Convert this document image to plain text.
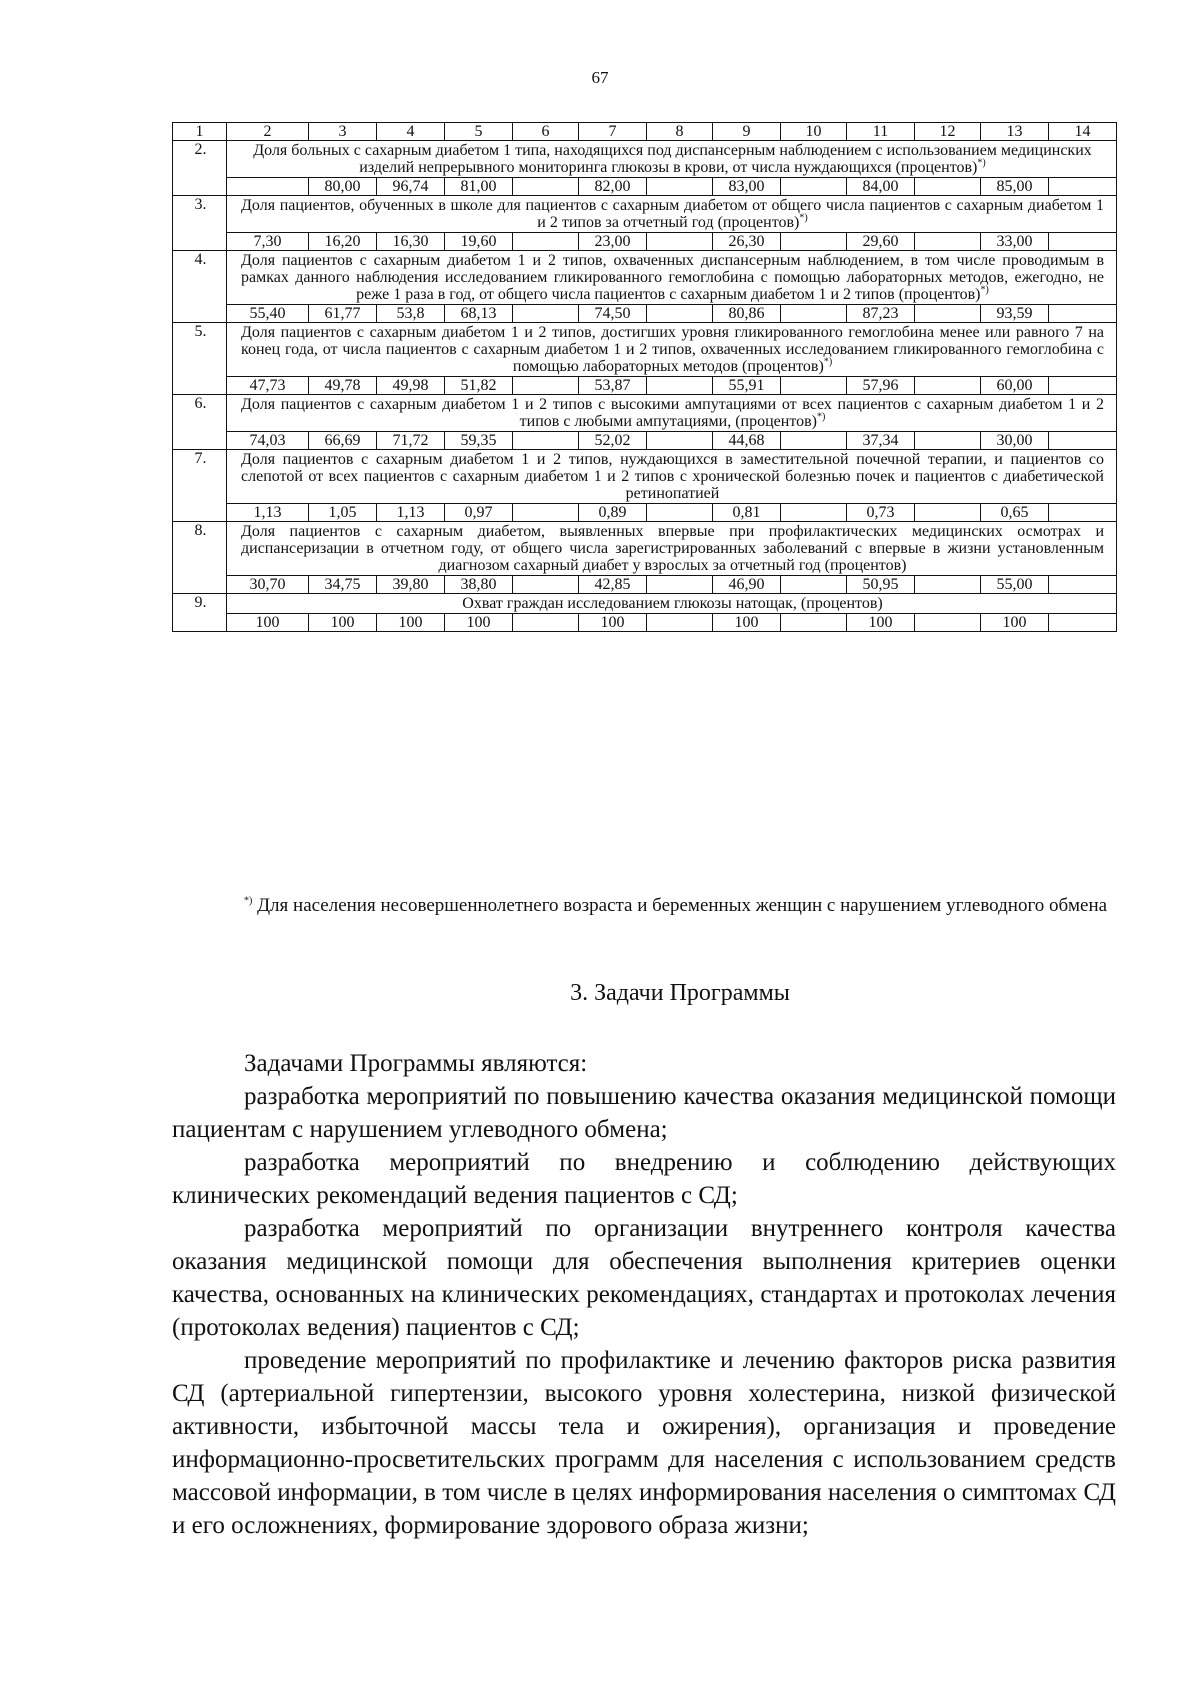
67
1	2	3	4	5	6	7	8	9	10	11	12	13	14
2.	Доля больных с сахарным диабетом 1 типа, находящихся под диспансерным наблюдением с использованием медицинских изделий непрерывного мониторинга глюкозы в крови, от числа нуждающихся (процентов)*)
		80,00	96,74	81,00		82,00		83,00		84,00		85,00	
3.	Доля пациентов, обученных в школе для пациентов с сахарным диабетом от общего числа пациентов с сахарным диабетом 1 и 2 типов за отчетный год (процентов)*)
	7,30	16,20	16,30	19,60		23,00		26,30		29,60		33,00	
4.	Доля пациентов с сахарным диабетом 1 и 2 типов, охваченных диспансерным наблюдением, в том числе проводимым в рамках данного наблюдения исследованием гликированного гемоглобина с помощью лабораторных методов, ежегодно, не реже 1 раза в год, от общего числа пациентов с сахарным диабетом 1 и 2 типов (процентов)*)
	55,40	61,77	53,8	68,13		74,50		80,86		87,23		93,59	
5.	Доля пациентов с сахарным диабетом 1 и 2 типов, достигших уровня гликированного гемоглобина менее или равного 7 на конец года, от числа пациентов с сахарным диабетом 1 и 2 типов, охваченных исследованием гликированного гемоглобина с помощью лабораторных методов (процентов)*)
	47,73	49,78	49,98	51,82		53,87		55,91		57,96		60,00	
6.	Доля пациентов с сахарным диабетом 1 и 2 типов с высокими ампутациями от всех пациентов с сахарным диабетом 1 и 2 типов с любыми ампутациями, (процентов)*)
	74,03	66,69	71,72	59,35		52,02		44,68		37,34		30,00	
7.	Доля пациентов с сахарным диабетом 1 и 2 типов, нуждающихся в заместительной почечной терапии, и пациентов со слепотой от всех пациентов с сахарным диабетом 1 и 2 типов с хронической болезнью почек и пациентов с диабетической ретинопатией												
	1,13	1,05	1,13	0,97		0,89		0,81		0,73		0,65	
8.	Доля пациентов с сахарным диабетом, выявленных впервые при профилактических медицинских осмотрах и диспансеризации в отчетном году, от общего числа зарегистрированных заболеваний с впервые в жизни установленным диагнозом сахарный диабет у взрослых за отчетный год (процентов)												
	30,70	34,75	39,80	38,80		42,85		46,90		50,95		55,00	
9.	Охват граждан исследованием глюкозы натощак, (процентов)												
	100	100	100	100		100		100		100		100	
*) Для населения несовершеннолетнего возраста и беременных женщин с нарушением углеводного обмена
3. Задачи Программы

Задачами Программы являются:

разработка мероприятий по повышению качества оказания медицинской помощи пациентам с нарушением углеводного обмена;

разработка мероприятий по внедрению и соблюдению действующих клинических рекомендаций ведения пациентов с СД;

разработка мероприятий по организации внутреннего контроля качества оказания медицинской помощи для обеспечения выполнения критериев оценки качества, основанных на клинических рекомендациях, стандартах и протоколах лечения (протоколах ведения) пациентов с СД;

проведение мероприятий по профилактике и лечению факторов риска развития СД (артериальной гипертензии, высокого уровня холестерина, низкой физической активности, избыточной массы тела и ожирения), организация и проведение информационно-просветительских программ для населения с использованием средств массовой информации, в том числе в целях информирования населения о симптомах СД и его осложнениях, формирование здорового образа жизни;
